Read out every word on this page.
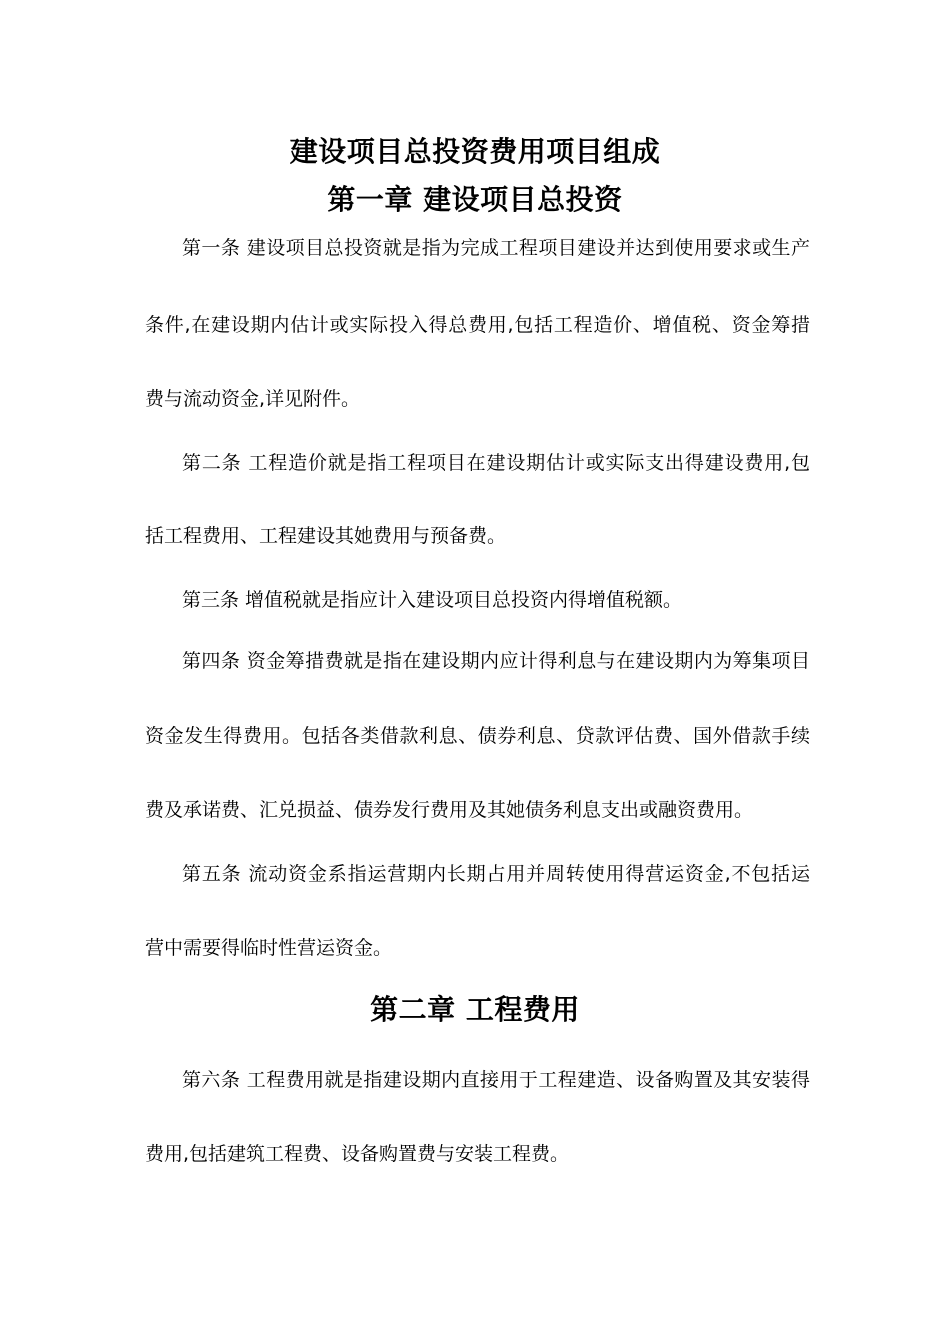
建设项目总投资费用项目组成
第一章 建设项目总投资
第一条 建设项目总投资就是指为完成工程项目建设并达到使用要求或生产
条件,在建设期内估计或实际投入得总费用,包括工程造价、增值税、资金筹措
费与流动资金,详见附件。
第二条 工程造价就是指工程项目在建设期估计或实际支出得建设费用,包
括工程费用、工程建设其她费用与预备费。
第三条 增值税就是指应计入建设项目总投资内得增值税额。
第四条 资金筹措费就是指在建设期内应计得利息与在建设期内为筹集项目
资金发生得费用。包括各类借款利息、债券利息、贷款评估费、国外借款手续
费及承诺费、汇兑损益、债券发行费用及其她债务利息支出或融资费用。
第五条 流动资金系指运营期内长期占用并周转使用得营运资金,不包括运
营中需要得临时性营运资金。
第二章 工程费用
第六条 工程费用就是指建设期内直接用于工程建造、设备购置及其安装得
费用,包括建筑工程费、设备购置费与安装工程费。
